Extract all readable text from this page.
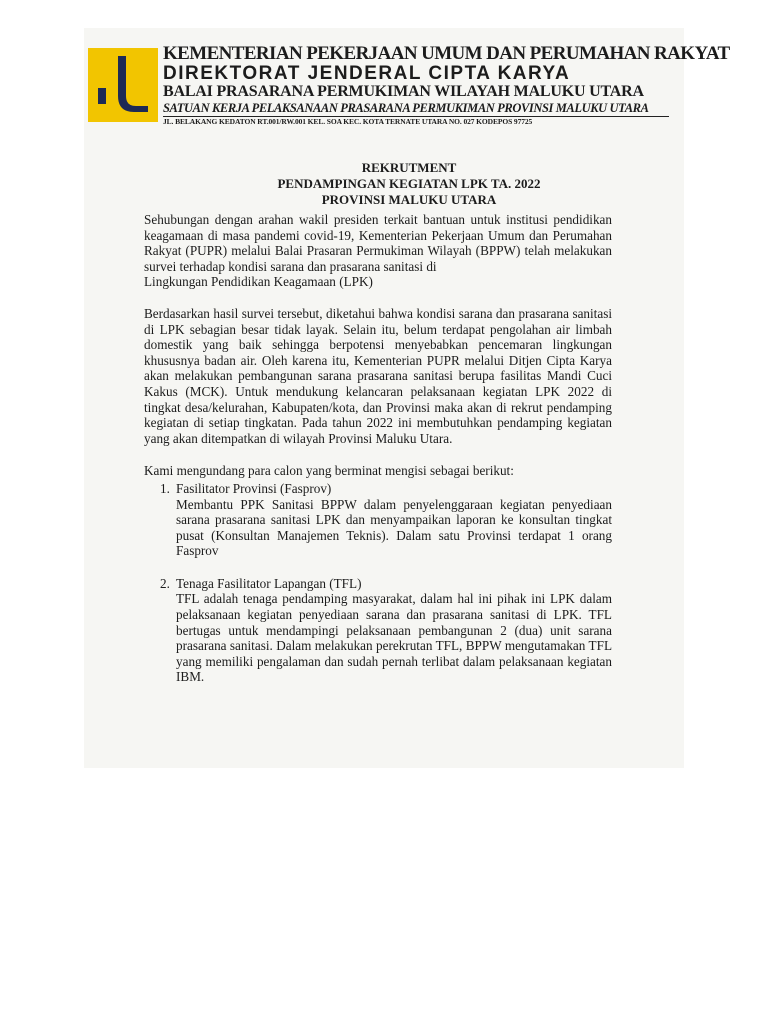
KEMENTERIAN PEKERJAAN UMUM DAN PERUMAHAN RAKYAT
DIREKTORAT JENDERAL CIPTA KARYA
BALAI PRASARANA PERMUKIMAN WILAYAH MALUKU UTARA
SATUAN KERJA PELAKSANAAN PRASARANA PERMUKIMAN PROVINSI MALUKU UTARA
JL. BELAKANG KEDATON RT.001/RW.001 KEL. SOA KEC. KOTA TERNATE UTARA NO. 027 KODEPOS 97725
REKRUTMENT
PENDAMPINGAN KEGIATAN LPK TA. 2022
PROVINSI MALUKU UTARA

Sehubungan dengan arahan wakil presiden terkait bantuan untuk institusi pendidikan keagamaan di masa pandemi covid-19, Kementerian Pekerjaan Umum dan Perumahan Rakyat (PUPR) melalui Balai Prasaran Permukiman Wilayah (BPPW) telah melakukan survei terhadap kondisi sarana dan prasarana sanitasi di
Lingkungan Pendidikan Keagamaan (LPK)

Berdasarkan hasil survei tersebut, diketahui bahwa kondisi sarana dan prasarana sanitasi di LPK sebagian besar tidak layak. Selain itu, belum terdapat pengolahan air limbah domestik yang baik sehingga berpotensi menyebabkan pencemaran lingkungan khususnya badan air. Oleh karena itu, Kementerian PUPR melalui Ditjen Cipta Karya akan melakukan pembangunan sarana prasarana sanitasi berupa fasilitas Mandi Cuci Kakus (MCK). Untuk mendukung kelancaran pelaksanaan kegiatan LPK 2022 di tingkat desa/kelurahan, Kabupaten/kota, dan Provinsi maka akan di rekrut pendamping kegiatan di setiap tingkatan. Pada tahun 2022 ini membutuhkan pendamping kegiatan yang akan ditempatkan di wilayah Provinsi Maluku Utara.

Kami mengundang para calon yang berminat mengisi sebagai berikut:

1. Fasilitator Provinsi (Fasprov)
Membantu PPK Sanitasi BPPW dalam penyelenggaraan kegiatan penyediaan sarana prasarana sanitasi LPK dan menyampaikan laporan ke konsultan tingkat pusat (Konsultan Manajemen Teknis). Dalam satu Provinsi terdapat 1 orang Fasprov
2. Tenaga Fasilitator Lapangan (TFL)
TFL adalah tenaga pendamping masyarakat, dalam hal ini pihak ini LPK dalam pelaksanaan kegiatan penyediaan sarana dan prasarana sanitasi di LPK. TFL bertugas untuk mendampingi pelaksanaan pembangunan 2 (dua) unit sarana prasarana sanitasi. Dalam melakukan perekrutan TFL, BPPW mengutamakan TFL yang memiliki pengalaman dan sudah pernah terlibat dalam pelaksanaan kegiatan IBM.
